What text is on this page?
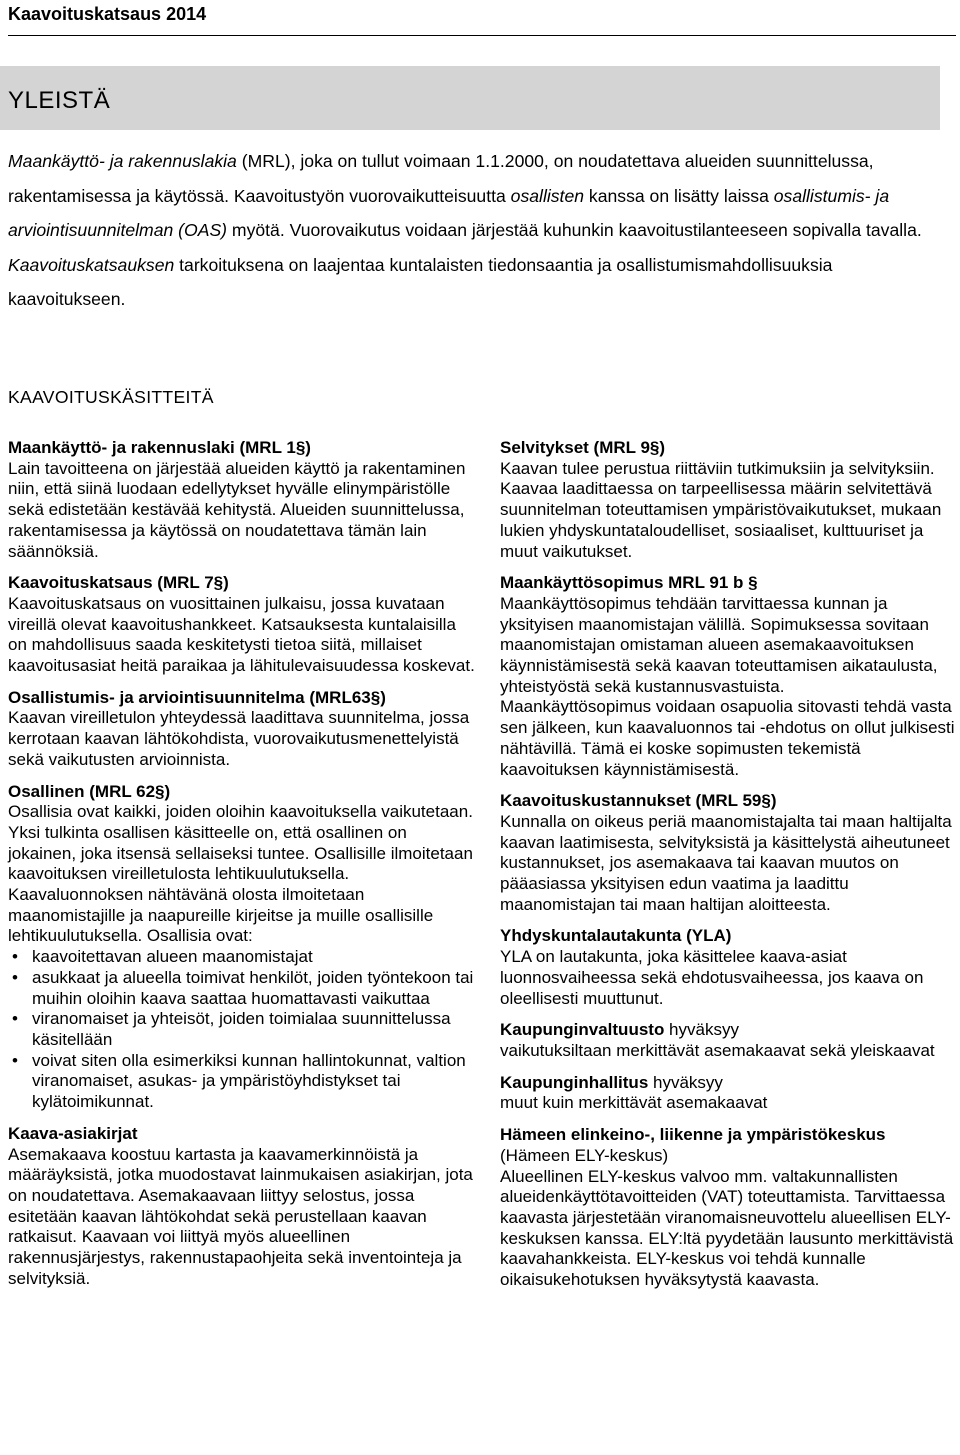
Kaavoituskatsaus 2014
YLEISTÄ

Maankäyttö- ja rakennuslakia (MRL), joka on tullut voimaan 1.1.2000, on noudatettava alueiden suunnittelussa, rakentamisessa ja käytössä. Kaavoitustyön vuorovaikutteisuutta osallisten kanssa on lisätty laissa osallistumis- ja arviointisuunnitelman (OAS) myötä. Vuorovaikutus voidaan järjestää kuhunkin kaavoitustilanteeseen sopivalla tavalla. Kaavoituskatsauksen tarkoituksena on laajentaa kuntalaisten tiedonsaantia ja osallistumismahdollisuuksia kaavoitukseen.

KAAVOITUSKÄSITTEITÄ
Maankäyttö- ja rakennuslaki (MRL 1§)

Lain tavoitteena on järjestää alueiden käyttö ja rakentaminen niin, että siinä luodaan edellytykset hyvälle elinympäristölle sekä edistetään kestävää kehitystä. Alueiden suunnittelussa, rakentamisessa ja käytössä on noudatettava tämän lain säännöksiä.

Kaavoituskatsaus (MRL 7§)

Kaavoituskatsaus on vuosittainen julkaisu, jossa kuvataan vireillä olevat kaavoitushankkeet. Katsauksesta kuntalaisilla on mahdollisuus saada keskitetysti tietoa siitä, millaiset kaavoitusasiat heitä paraikaa ja lähitulevaisuudessa koskevat.

Osallistumis- ja arviointisuunnitelma (MRL63§)

Kaavan vireilletulon yhteydessä laadittava suunnitelma, jossa kerrotaan kaavan lähtökohdista, vuorovaikutusmenettelyistä sekä vaikutusten arvioinnista.

Osallinen (MRL 62§)

Osallisia ovat kaikki, joiden oloihin kaavoituksella vaikutetaan. Yksi tulkinta osallisen käsitteelle on, että osallinen on jokainen, joka itsensä sellaiseksi tuntee. Osallisille ilmoitetaan kaavoituksen vireilletulosta lehtikuulutuksella. Kaavaluonnoksen nähtävänä olosta ilmoitetaan maanomistajille ja naapureille kirjeitse ja muille osallisille lehtikuulutuksella. Osallisia ovat:

• kaavoitettavan alueen maanomistajat
• asukkaat ja alueella toimivat henkilöt, joiden työntekoon tai muihin oloihin kaava saattaa huomattavasti vaikuttaa
• viranomaiset ja yhteisöt, joiden toimialaa suunnittelussa käsitellään
• voivat siten olla esimerkiksi kunnan hallintokunnat, valtion viranomaiset, asukas- ja ympäristöyhdistykset tai kylätoimikunnat.
Kaava-asiakirjat

Asemakaava koostuu kartasta ja kaavamerkinnöistä ja määräyksistä, jotka muodostavat lainmukaisen asiakirjan, jota on noudatettava. Asemakaavaan liittyy selostus, jossa esitetään kaavan lähtökohdat sekä perustellaan kaavan ratkaisut. Kaavaan voi liittyä myös alueellinen rakennusjärjestys, rakennustapaohjeita sekä inventointeja ja selvityksiä.

Selvitykset (MRL 9§)

Kaavan tulee perustua riittäviin tutkimuksiin ja selvityksiin. Kaavaa laadittaessa on tarpeellisessa määrin selvitettävä suunnitelman toteuttamisen ympäristövaikutukset, mukaan lukien yhdyskuntataloudelliset, sosiaaliset, kulttuuriset ja muut vaikutukset.

Maankäyttösopimus MRL 91 b §

Maankäyttösopimus tehdään tarvittaessa kunnan ja yksityisen maanomistajan välillä. Sopimuksessa sovitaan maanomistajan omistaman alueen asemakaavoituksen käynnistämisestä sekä kaavan toteuttamisen aikataulusta, yhteistyöstä sekä kustannusvastuista.

Maankäyttösopimus voidaan osapuolia sitovasti tehdä vasta sen jälkeen, kun kaavaluonnos tai -ehdotus on ollut julkisesti nähtävillä. Tämä ei koske sopimusten tekemistä kaavoituksen käynnistämisestä.

Kaavoituskustannukset (MRL 59§)

Kunnalla on oikeus periä maanomistajalta tai maan haltijalta kaavan laatimisesta, selvityksistä ja käsittelystä aiheutuneet kustannukset, jos asemakaava tai kaavan muutos on pääasiassa yksityisen edun vaatima ja laadittu maanomistajan tai maan haltijan aloitteesta.

Yhdyskuntalautakunta (YLA)

YLA on lautakunta, joka käsittelee kaava-asiat luonnosvaiheessa sekä ehdotusvaiheessa, jos kaava on oleellisesti muuttunut.

Kaupunginvaltuusto hyväksyy

vaikutuksiltaan merkittävät asemakaavat sekä yleiskaavat

Kaupunginhallitus hyväksyy

muut kuin merkittävät asemakaavat

Hämeen elinkeino-, liikenne ja ympäristökeskus (Hämeen ELY-keskus)

Alueellinen ELY-keskus valvoo mm. valtakunnallisten alueidenkäyttötavoitteiden (VAT) toteuttamista. Tarvittaessa kaavasta järjestetään viranomaisneuvottelu alueellisen ELY-keskuksen kanssa. ELY:ltä pyydetään lausunto merkittävistä kaavahankkeista. ELY-keskus voi tehdä kunnalle oikaisukehotuksen hyväksytystä kaavasta.
